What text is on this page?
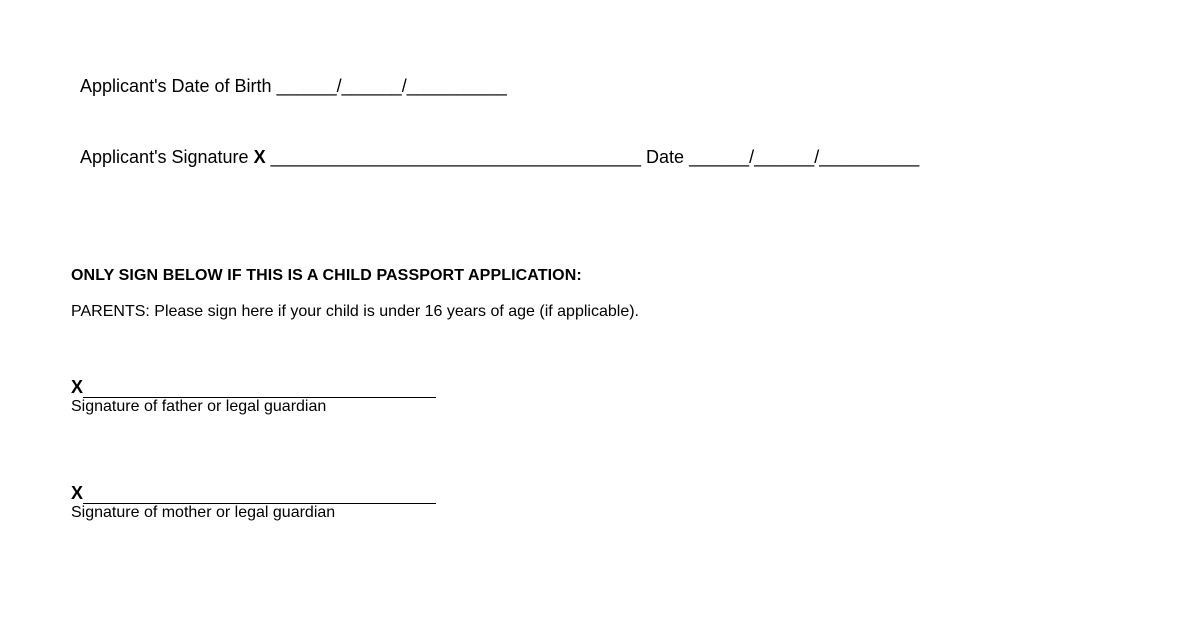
Applicant's Date of Birth ______/______/__________

Applicant's Signature X _____________________________________ Date ______/______/__________

ONLY SIGN BELOW IF THIS IS A CHILD PASSPORT APPLICATION:
PARENTS: Please sign here if your child is under 16 years of age (if applicable).
X
Signature of father or legal guardian
X
Signature of mother or legal guardian
